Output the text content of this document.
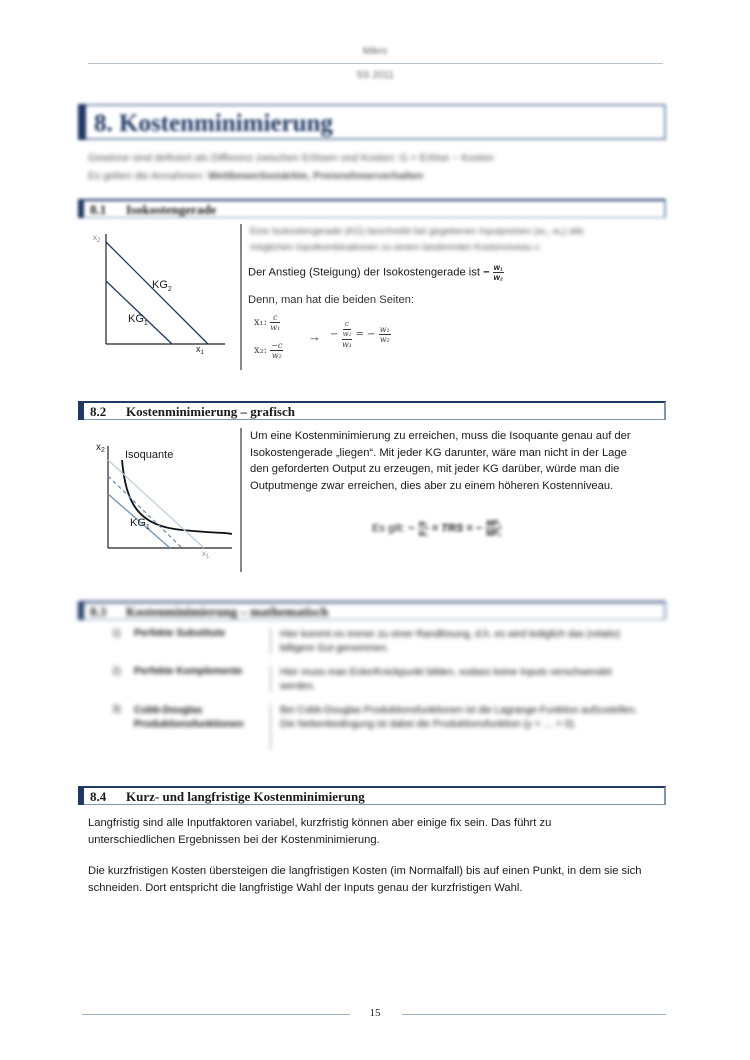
Mikro
SS 2011
8. Kostenminimierung
Gewinne sind definiert als Differenz zwischen Erlösen und Kosten: G = Erlöse − Kosten
Es gelten die Annahmen: Wettbewerbsmärkte, Preisnehmerverhalten
8.1 Isokostengerade
$KG_2$
$KG_1$
$x_1$
$x_2$
Eine Isokostengerade (KG) beschreibt bei gegebenen Inputpreisen (w₁, w₂) alle
möglichen Inputkombinationen zu einem bestimmten Kostenniveau c.
Der Anstieg (Steigung) der Isokostengerade ist − $\frac{\text{w₁}}{\text{w₂}}$
Denn, man hat die beiden Seiten:
x₁: $\frac{c}{\text{w₁}}$
x₂: $\frac{-c}{\text{w₂}}$
→ − c
w₂
w₁ = − $\frac{\text{w₁}}{\text{w₂}}$
8.2 Kostenminimierung – grafisch
Isoquante
$KG_1$
$x_2$
$x_1$
Um eine Kostenminimierung zu erreichen, muss die Isoquante genau auf der
Isokostengerade „liegen“. Mit jeder KG darunter, wäre man nicht in der Lage
den geforderten Output zu erzeugen, mit jeder KG darüber, würde man die
Outputmenge zwar erreichen, dies aber zu einem höheren Kostenniveau.
Es gilt: − $\frac{\text{w₁}}{\text{w₂}}$ = TRS = − $\frac{\text{MP₁}}{\text{MP₂}}$
8.3 Kostenminimierung – mathematisch
1) Perfekte Substitute	Hier kommt es immer zu einer Randlösung, d.h. es wird lediglich das (relativ) billigere Gut genommen.
2) Perfekte Komplemente	Hier muss man Ecke/Knickpunkt bilden, sodass keine Inputs verschwendet werden.
3) Cobb-Douglas Produktionsfunktionen
Bei Cobb-Douglas Produktionsfunktionen ist die Lagrange-Funktion aufzustellen. Die Nebenbedingung ist dabei die Produktionsfunktion (y = … = 0).
8.4 Kurz- und langfristige Kostenminimierung
Langfristig sind alle Inputfaktoren variabel, kurzfristig können aber einige fix sein. Das führt zu
unterschiedlichen Ergebnissen bei der Kostenminimierung.
Die kurzfristigen Kosten übersteigen die langfristigen Kosten (im Normalfall) bis auf einen Punkt, in dem sie sich
schneiden. Dort entspricht die langfristige Wahl der Inputs genau der kurzfristigen Wahl.
15
